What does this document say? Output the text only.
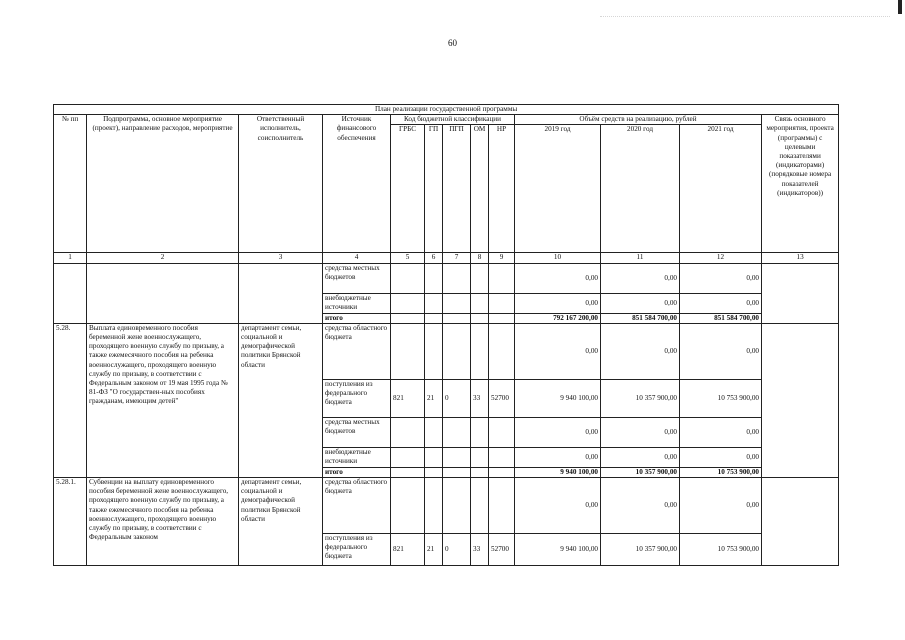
60
План реализации государственной программы												
№ пп	Подпрограмма, основное мероприятие (проект), направление расходов, мероприятие	Ответственный исполнитель, соисполнитель	Источник финансового обеспечения	Код бюджетной классификации					Объём средств на реализацию, рублей			Связь основного мероприятия, проекта (программы) с целевыми показателями (индикаторами) (порядковые номера показателей (индикаторов))
				ГРБС	ГП	ПГП	ОМ	НР	2019 год	2020 год	2021 год	
1	2	3	4	5	6	7	8	9	10	11	12	13
			средства местных бюджетов						0,00	0,00	0,00	
			внебюджетные источники						0,00	0,00	0,00	
			итого						792 167 200,00	851 584 700,00	851 584 700,00	
5.28.	Выплата единовременного пособия беременной жене военнослужащего, проходящего военную службу по призыву, а также ежемесячного пособия на ребенка военнослужащего, проходящего военную службу по призыву, в соответствии с Федеральным законом от 19 мая 1995 года № 81-ФЗ "О государствен-ных пособиях гражданам, имеющим детей"	департамент семьи, социальной и демографической политики Брянской области	средства областного бюджета						0,00	0,00	0,00	
			поступления из федерального бюджета	821	21	0	33	52700	9 940 100,00	10 357 900,00	10 753 900,00	
			средства местных бюджетов						0,00	0,00	0,00	
			внебюджетные источники						0,00	0,00	0,00	
			итого						9 940 100,00	10 357 900,00	10 753 900,00	
5.28.1.	Субвенции на выплату единовременного пособия беременной жене военнослужащего, проходящего военную службу по призыву, а также ежемесячного пособия на ребенка военнослужащего, проходящего военную службу по призыву, в соответствии с Федеральным законом	департамент семьи, социальной и демографической политики Брянской области	средства областного бюджета						0,00	0,00	0,00	
			поступления из федерального бюджета	821	21	0	33	52700	9 940 100,00	10 357 900,00	10 753 900,00	
